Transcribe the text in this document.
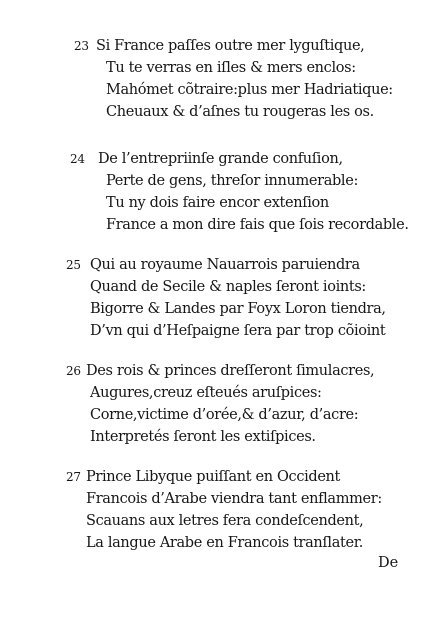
23 Si France paſſes outre mer lyguſtique,
Tu te verras en iſles & mers enclos:
Mahómet cõtraire:plus mer Hadriatique:
Cheuaux & d’aſnes tu rougeras les os.
24 De l’entrepriinſe grande confuſion,
Perte de gens, threſor innumerable:
Tu ny dois faire encor extenſion
France a mon dire fais que ſois recordable.
25 Qui au royaume Nauarrois paruiendra
Quand de Secile & naples ſeront ioints:
Bigorre & Landes par Foyx Loron tiendra,
D’vn qui d’Heſpaigne ſera par trop cõioint
26 Des rois & princes dreſſeront ſimulacres,
Augures,creuz eſteués aruſpices:
Corne,victime d’orée,& d’azur, d’acre:
Interpretés ſeront les extiſpices.
27 Prince Libyque puiſſant en Occident
Francois d’Arabe viendra tant enflammer:
Scauans aux letres fera condeſcendent,
La langue Arabe en Francois tranſlater.
De
